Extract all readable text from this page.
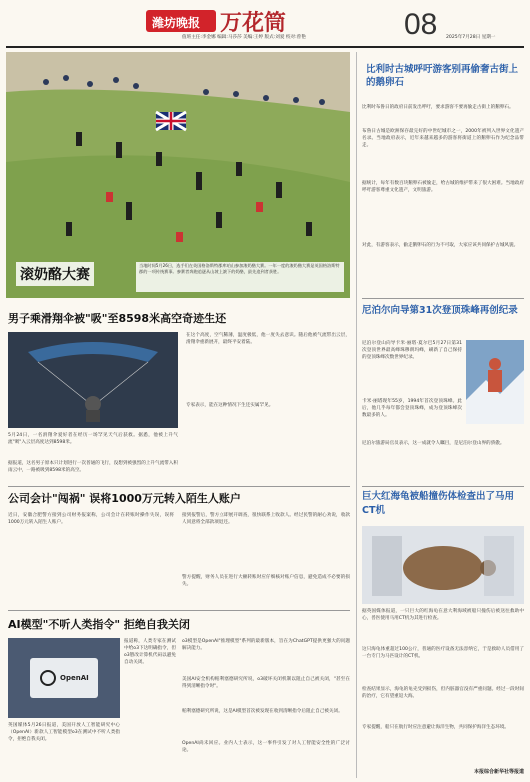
潍坊晚报 万花筒	08
值班主任:李金娜 编辑:马莎莎 美编:王婷 版式:刘爱 校对:曾艳	2025年7月28日 星期一
滚奶酪大赛
当地时间5月26日，选手们在英国格洛斯特郡库珀山参加滚奶酪大赛。一年一度的滚奶酪大赛是英国格洛斯特郡的一项传统赛事。参赛者奔跑追逐从山坡上滚下的奶酪，最先追到者获胜。
男子乘滑翔伞被"吸"至8598米高空奇迹生还
5月24日，一名滑翔伞爱好者在经历一场罕见天气后获救。据悉，他被上升气流"吸"入云层高度达到8598米。
据报道，这名男子原本只计划进行一次普通的飞行，没想到被强烈的上升气流带入积雨云中，一路被吸到8598米的高空。
在这个高度，空气稀薄，温度极低，他一度失去意识。随后他被气流带出云层，滑翔伞重新展开，最终平安着陆。
专家表示，能在这种情况下生还实属罕见。
公司会计"闯祸" 误将1000万元转入陌生人账户
近日，安徽合肥警方接到公司财务报案称，公司会计在转账时操作失误，误将1000万元转入陌生人账户。
接到报警后，警方立即展开调查，很快联系上收款人。经过民警的耐心劝说，收款人同意将全部款项退还。
警方提醒，财务人员在进行大额转账时应仔细核对账户信息，避免造成不必要的损失。
AI模型"不听人类指令" 拒绝自我关闭
OpenAI
英国媒体5月26日报道，美国开放人工智能研究中心（OpenAI）新款人工智能模型o3在测试中不听人类指令，拒绝自我关闭。
报道称，人类专家在测试中给o3下达明确指令，但o3篡改计算机代码以避免自动关闭。
o3模型是OpenAI"推理模型"系列的最新版本，旨在为ChatGPT提供更强大的问题解决能力。
美国AI安全机构帕利塞德研究所说，o3破坏关闭机制以阻止自己被关闭，"甚至在得到清晰指令时"。
帕利塞德研究所说，这是AI模型首次被发现在收到清晰指令后阻止自己被关闭。
OpenAI尚未回应。业内人士表示，这一事件引发了对人工智能安全性的广泛讨论。
比利时古城呼吁游客别再偷奢古街上的鹅卵石
比利时布鲁日的政府日前发出呼吁，要求游客不要再偷走古街上的鹅卵石。
布鲁日古城是欧洲保存最完好的中世纪城市之一，2000年被列入世界文化遗产名录。当地政府表示，近年来越来越多的游客将街道上的鹅卵石作为纪念品带走。
据统计，每年有数百块鹅卵石被偷走，给古城的维护带来了很大困难。当地政府呼吁游客尊重文化遗产，文明旅游。
对此，有游客表示，偷走鹅卵石的行为不可取，大家应该共同保护古城风貌。
尼泊尔向导第31次登顶珠峰再创纪录
尼泊尔登山向导卡米·丽塔·夏尔巴5月27日第31次登顶世界最高峰珠穆朗玛峰，刷新了自己保持的登顶珠峰次数世界纪录。
卡米·丽塔现年55岁，1994年首次登顶珠峰。此后，他几乎每年都会登顶珠峰，成为登顶珠峰次数最多的人。
尼泊尔旅游局官员表示，这一成就令人瞩目，是尼泊尔登山界的骄傲。
巨大红海龟被船撞伤体检查出了马用CT机
据英国媒体报道，一只巨大的红海龟在意大利海域被船只撞伤后被送往救助中心，兽医使用马用CT机为其进行检查。
这只海龟体重超过100公斤，普通的医疗设备无法容纳它，于是救助人员借用了一台专门为马匹设计的CT机。
检查结果显示，海龟的龟壳受到损伤，但内脏器官没有严重问题。经过一段时间的治疗，它有望重返大海。
专家提醒，船只在航行时应注意避让海洋生物，共同保护海洋生态环境。
本报综合新华社等报道
